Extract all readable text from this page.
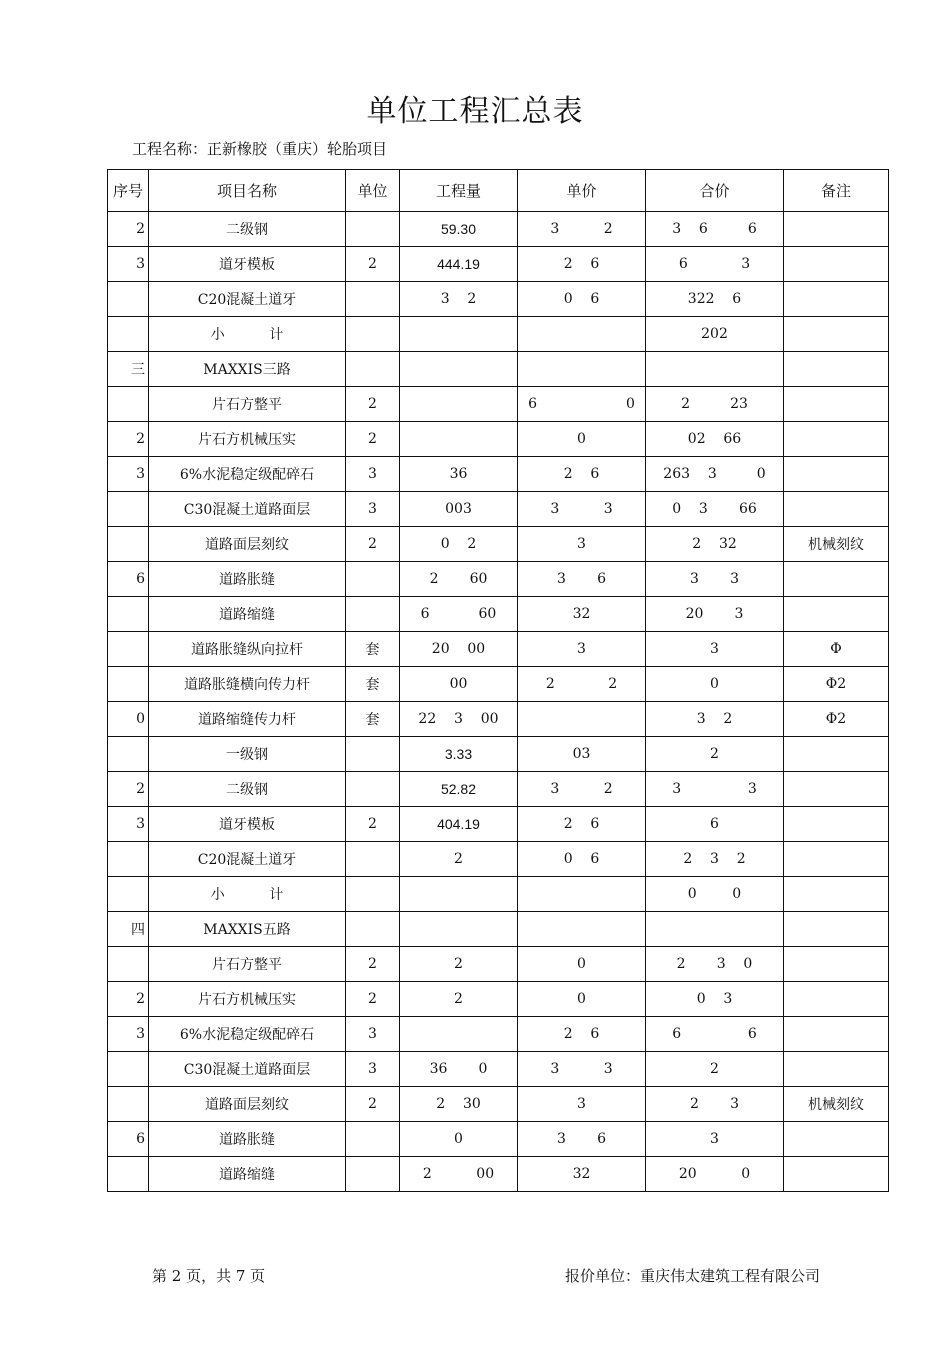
单位工程汇总表
工程名称：正新橡胶（重庆）轮胎项目
序号	项目名称	单位	工程量	单价	合价	备注
2	二级钢		59.30	3          2	3    6         6	
3	道牙模板	2	444.19	2    6	6            3	
	C20混凝土道牙		3    2	0    6	322    6	
	小          计				202	
三	MAXXIS三路					
	片石方整平	2		6                    0	2         23	
2	片石方机械压实	2		0	02    66	
3	6%水泥稳定级配碎石	3	36	2    6	263    3         0	
	C30混凝土道路面层	3	003	3          3	0    3       66	
	道路面层刻纹	2	0    2	3	2    32	机械刻纹
6	道路胀缝		2       60	3       6	3       3	
	道路缩缝		6           60	32	20       3	
	道路胀缝纵向拉杆	套	20    00	3	3	Φ
	道路胀缝横向传力杆	套	00	2            2	0	Φ2
0	道路缩缝传力杆	套	22    3    00		3    2	Φ2
	一级钢		3.33	03	2	
2	二级钢		52.82	3          2	3               3	
3	道牙模板	2	404.19	2    6	6	
	C20混凝土道牙		2	0    6	2    3    2	
	小          计				0        0	
四	MAXXIS五路					
	片石方整平	2	2	0	2       3    0	
2	片石方机械压实	2	2	0	0    3	
3	6%水泥稳定级配碎石	3		2    6	6               6	
	C30混凝土道路面层	3	36       0	3          3	2	
	道路面层刻纹	2	2    30	3	2       3	机械刻纹
6	道路胀缝		0	3       6	3	
	道路缩缝		2          00	32	20          0	
第 2 页，共 7 页	报价单位：重庆伟太建筑工程有限公司
